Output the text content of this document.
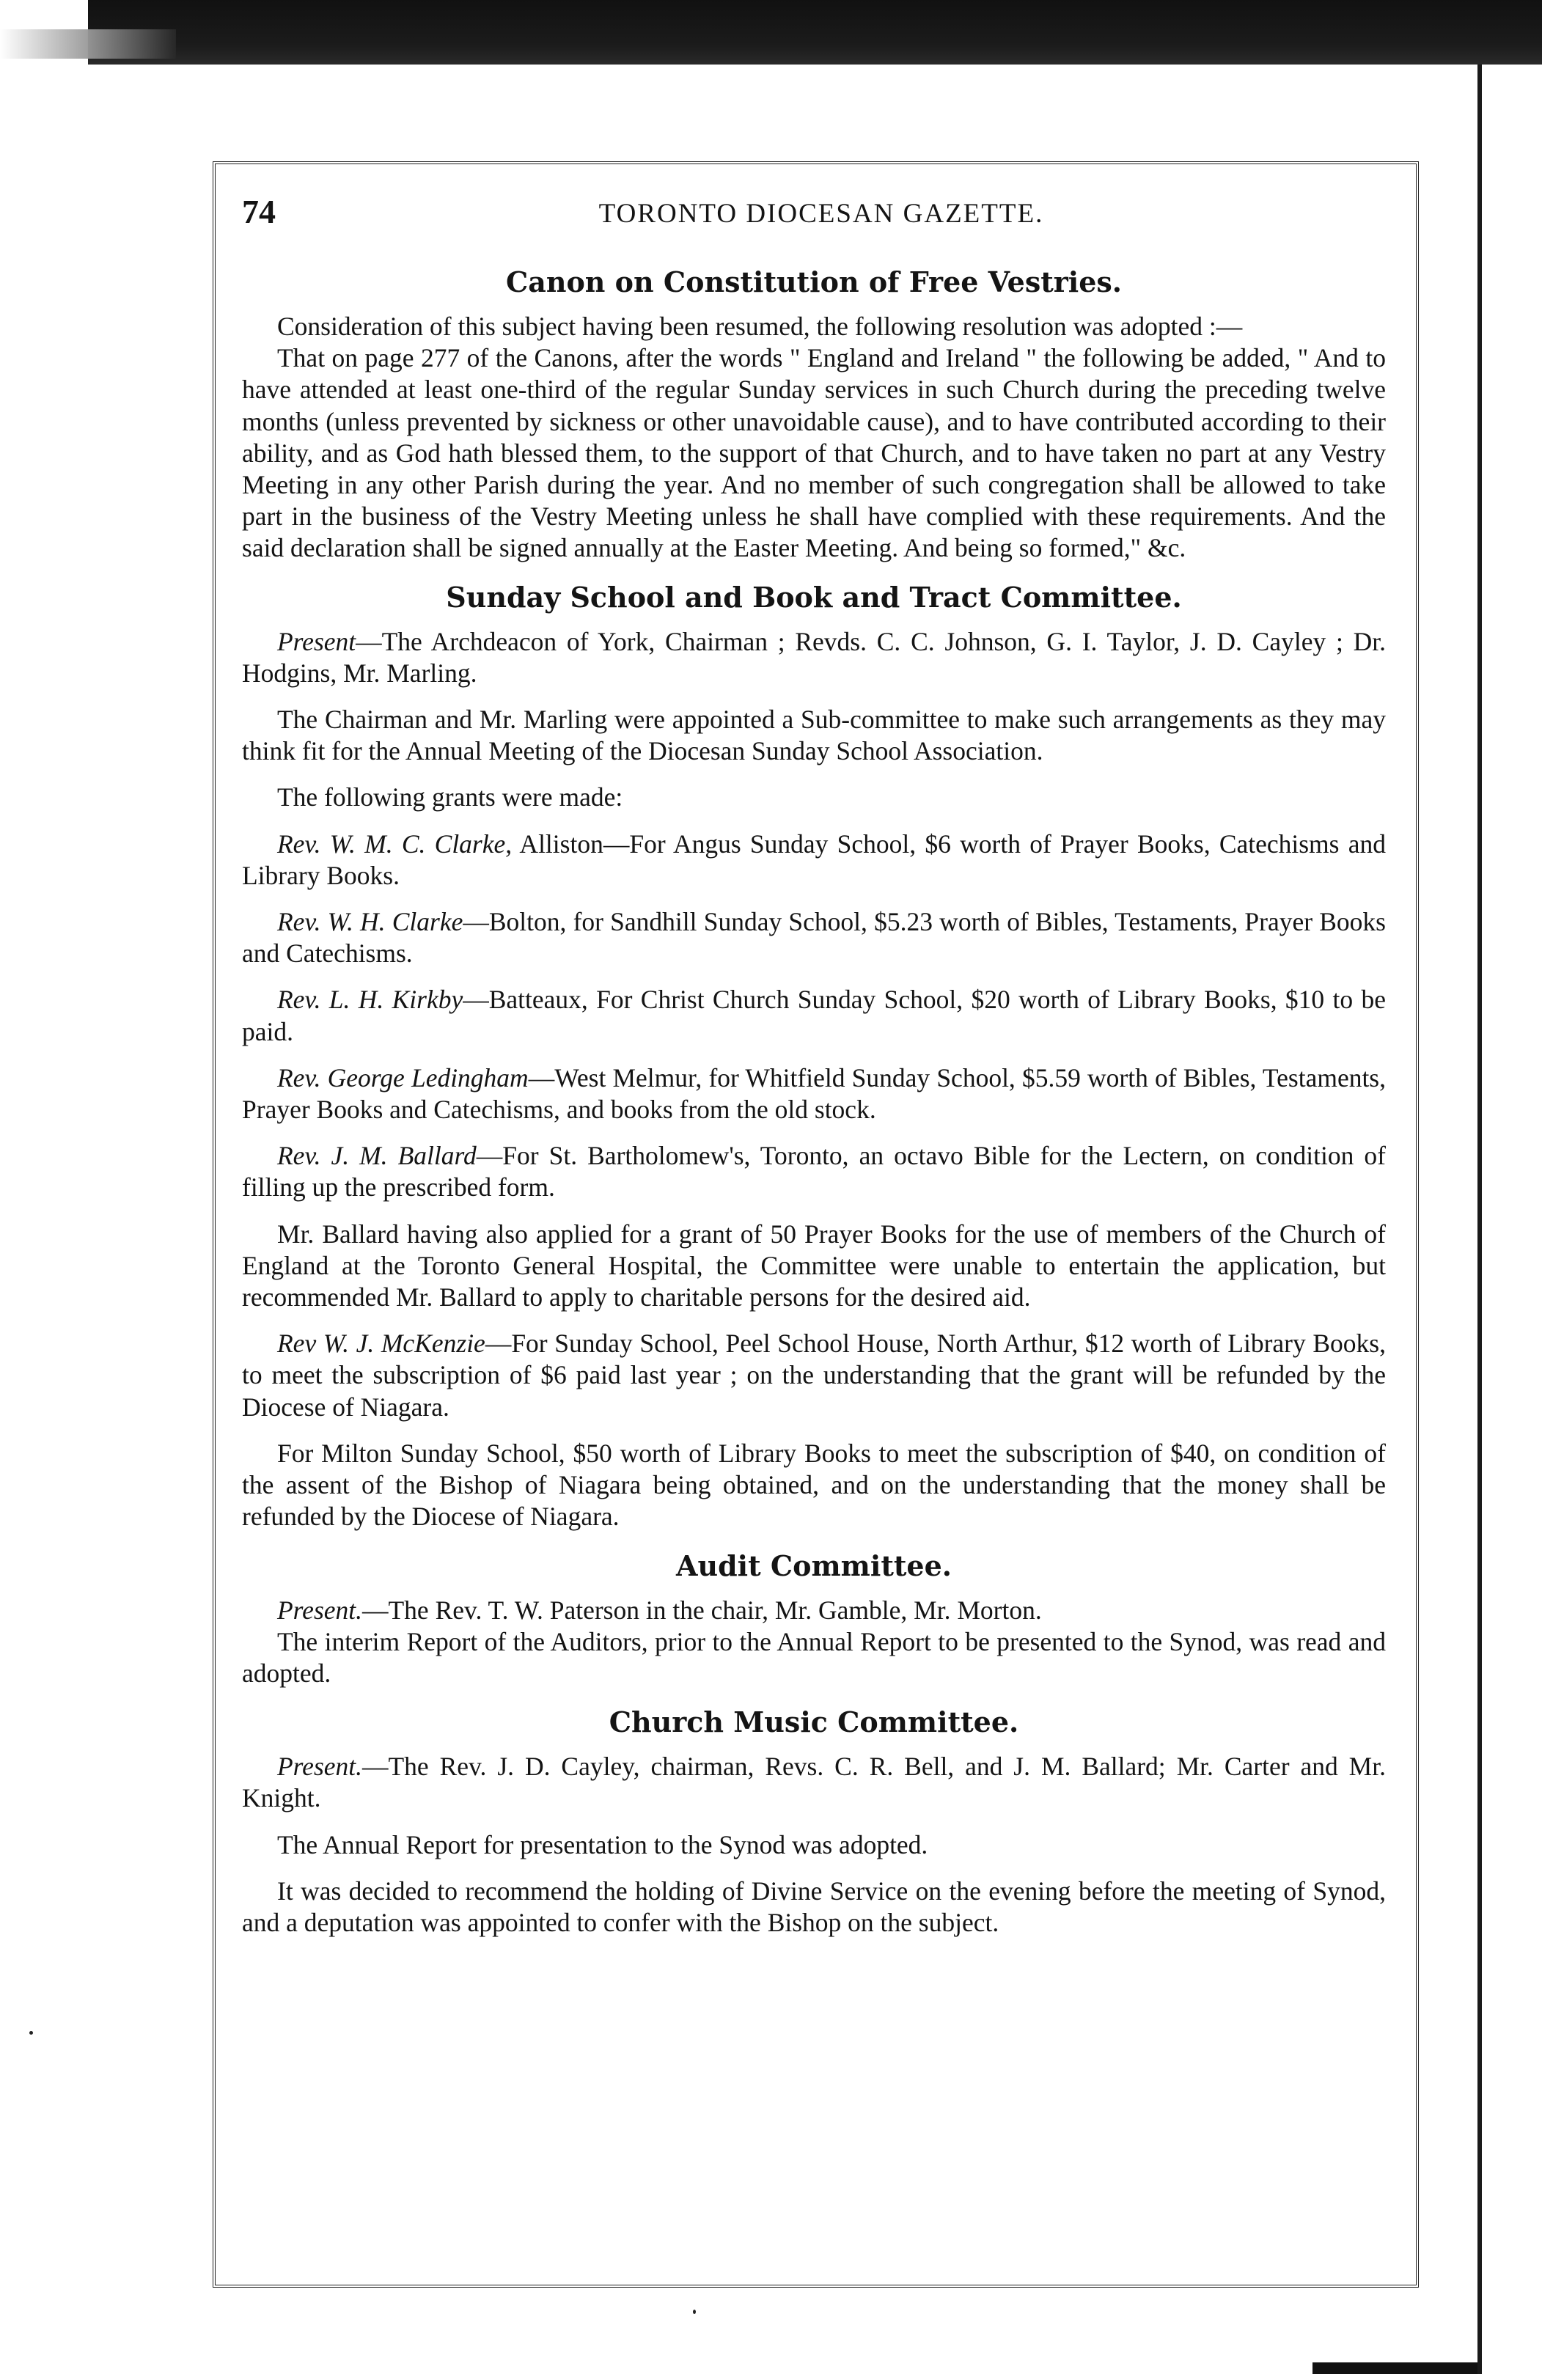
74	TORONTO DIOCESAN GAZETTE.
Canon on Constitution of Free Vestries.

Consideration of this subject having been resumed, the following resolution was adopted :—

That on page 277 of the Canons, after the words " England and Ireland " the following be added, " And to have attended at least one-third of the regular Sunday services in such Church during the preceding twelve months (unless prevented by sickness or other unavoidable cause), and to have contributed according to their ability, and as God hath blessed them, to the support of that Church, and to have taken no part at any Vestry Meeting in any other Parish during the year. And no member of such congregation shall be allowed to take part in the business of the Vestry Meeting unless he shall have complied with these requirements. And the said declaration shall be signed annually at the Easter Meeting. And being so formed," &c.

Sunday School and Book and Tract Committee.

Present—The Archdeacon of York, Chairman ; Revds. C. C. Johnson, G. I. Taylor, J. D. Cayley ; Dr. Hodgins, Mr. Marling.

The Chairman and Mr. Marling were appointed a Sub-committee to make such arrangements as they may think fit for the Annual Meeting of the Diocesan Sunday School Association.

The following grants were made:

Rev. W. M. C. Clarke, Alliston—For Angus Sunday School, $6 worth of Prayer Books, Catechisms and Library Books.

Rev. W. H. Clarke—Bolton, for Sandhill Sunday School, $5.23 worth of Bibles, Testaments, Prayer Books and Catechisms.

Rev. L. H. Kirkby—Batteaux, For Christ Church Sunday School, $20 worth of Library Books, $10 to be paid.

Rev. George Ledingham—West Melmur, for Whitfield Sunday School, $5.59 worth of Bibles, Testaments, Prayer Books and Catechisms, and books from the old stock.

Rev. J. M. Ballard—For St. Bartholomew's, Toronto, an octavo Bible for the Lectern, on condition of filling up the prescribed form.

Mr. Ballard having also applied for a grant of 50 Prayer Books for the use of members of the Church of England at the Toronto General Hospital, the Committee were unable to entertain the application, but recommended Mr. Ballard to apply to charitable persons for the desired aid.

Rev W. J. McKenzie—For Sunday School, Peel School House, North Arthur, $12 worth of Library Books, to meet the subscription of $6 paid last year ; on the understanding that the grant will be refunded by the Diocese of Niagara.

For Milton Sunday School, $50 worth of Library Books to meet the subscription of $40, on condition of the assent of the Bishop of Niagara being obtained, and on the understanding that the money shall be refunded by the Diocese of Niagara.

Audit Committee.

Present.—The Rev. T. W. Paterson in the chair, Mr. Gamble, Mr. Morton.

The interim Report of the Auditors, prior to the Annual Report to be presented to the Synod, was read and adopted.

Church Music Committee.

Present.—The Rev. J. D. Cayley, chairman, Revs. C. R. Bell, and J. M. Ballard; Mr. Carter and Mr. Knight.

The Annual Report for presentation to the Synod was adopted.

It was decided to recommend the holding of Divine Service on the evening before the meeting of Synod, and a deputation was appointed to confer with the Bishop on the subject.
